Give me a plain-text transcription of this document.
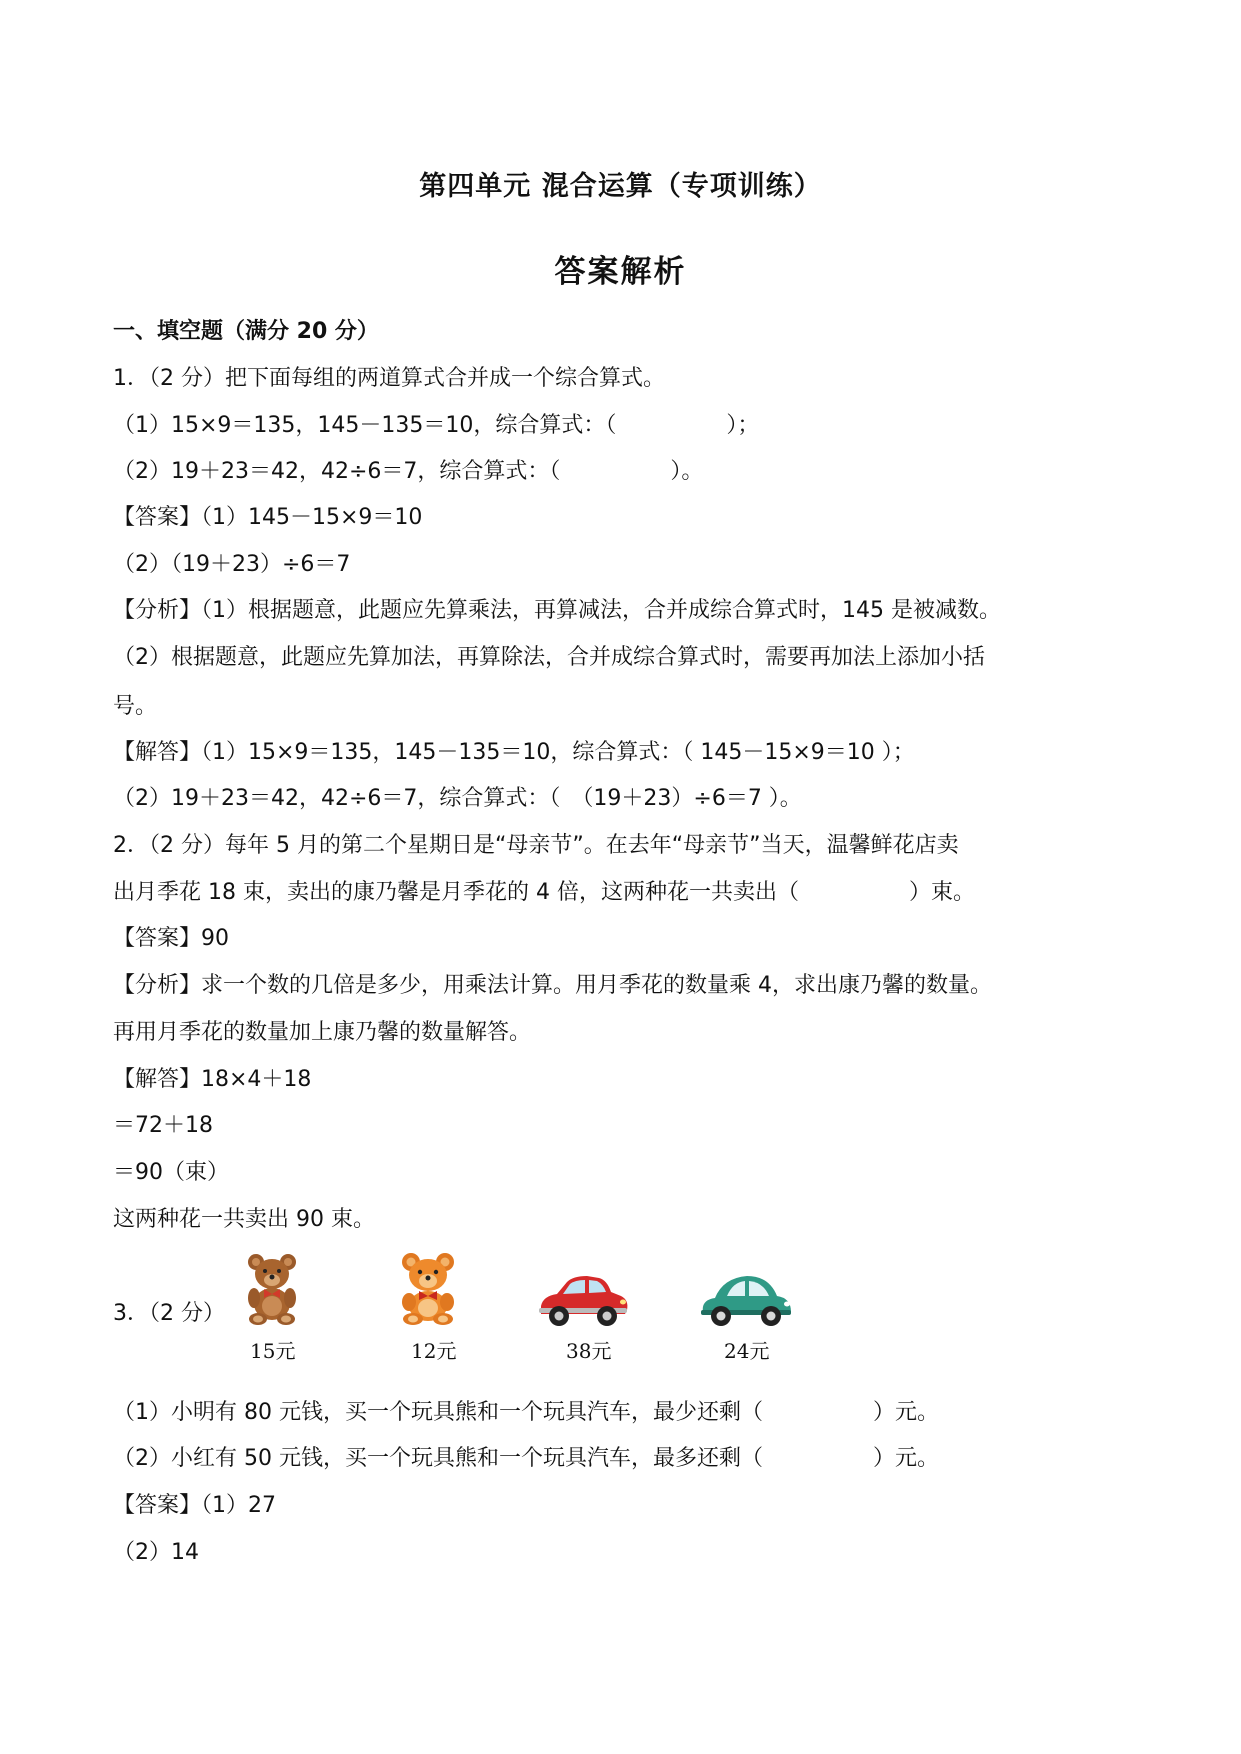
第四单元 混合运算（专项训练）
答案解析
一、填空题（满分 20 分）
1．（2 分）把下面每组的两道算式合并成一个综合算式。
（1）15×9＝135，145－135＝10，综合算式：（　　　　　）；
（2）19＋23＝42，42÷6＝7，综合算式：（　　　　　）。
【答案】（1）145－15×9＝10
（2）（19＋23）÷6＝7
【分析】（1）根据题意，此题应先算乘法，再算减法，合并成综合算式时，145 是被减数。
（2）根据题意，此题应先算加法，再算除法，合并成综合算式时，需要再加法上添加小括
号。
【解答】（1）15×9＝135，145－135＝10，综合算式：（ 145－15×9＝10 ）；
（2）19＋23＝42，42÷6＝7，综合算式：（　（19＋23）÷6＝7 ）。
2．（2 分）每年 5 月的第二个星期日是“母亲节”。在去年“母亲节”当天，温馨鲜花店卖
出月季花 18 束，卖出的康乃馨是月季花的 4 倍，这两种花一共卖出（　　　　　）束。
【答案】90
【分析】求一个数的几倍是多少，用乘法计算。用月季花的数量乘 4，求出康乃馨的数量。
再用月季花的数量加上康乃馨的数量解答。
【解答】18×4＋18
＝72＋18
＝90（束）
这两种花一共卖出 90 束。
3．（2 分）
15元	12元	38元	24元
（1）小明有 80 元钱，买一个玩具熊和一个玩具汽车，最少还剩（　　　　　）元。
（2）小红有 50 元钱，买一个玩具熊和一个玩具汽车，最多还剩（　　　　　）元。
【答案】（1）27
（2）14
